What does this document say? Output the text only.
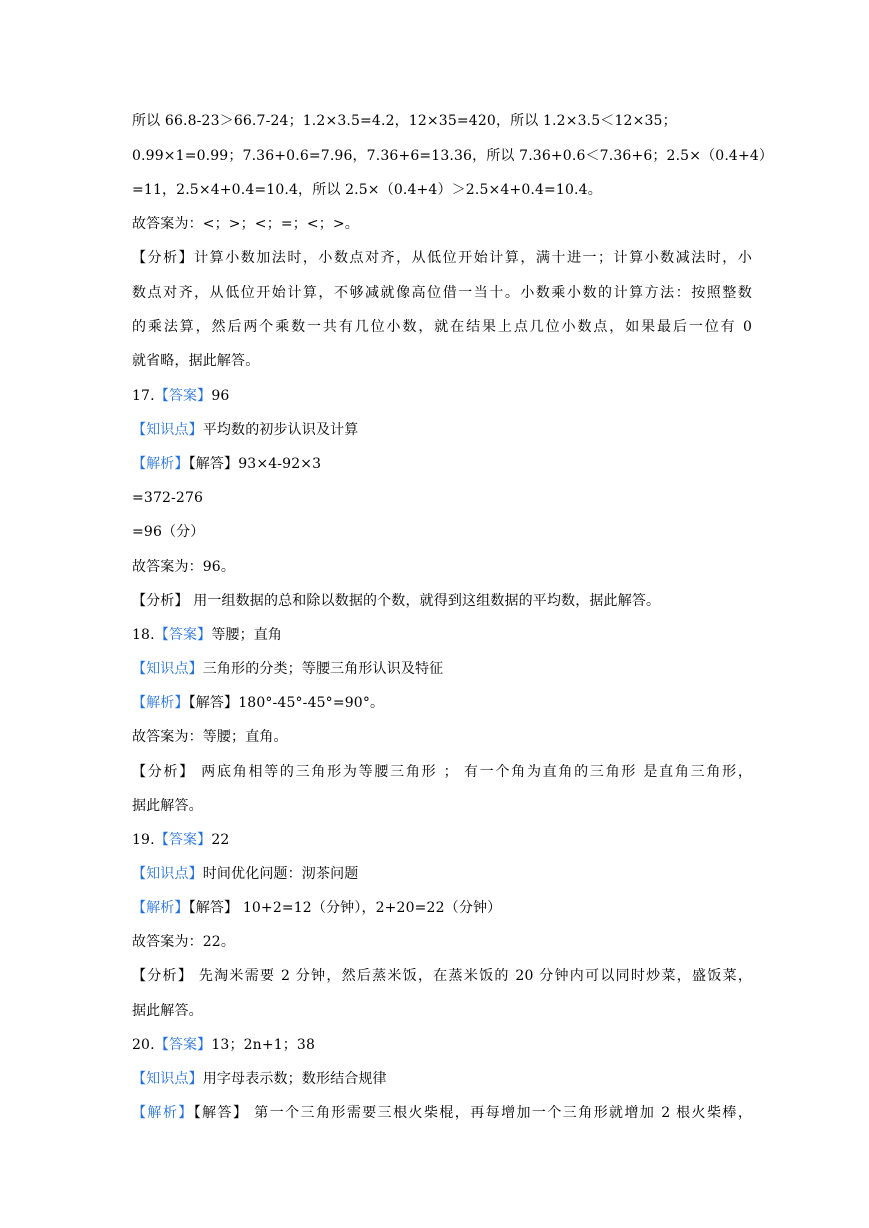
所以 66.8-23＞66.7-24；1.2×3.5=4.2，12×35=420，所以 1.2×3.5＜12×35；
0.99×1=0.99；7.36+0.6=7.96，7.36+6=13.36，所以 7.36+0.6＜7.36+6；2.5×（0.4+4）
=11，2.5×4+0.4=10.4，所以 2.5×（0.4+4）＞2.5×4+0.4=10.4。
故答案为：<；>；<；=；<；>。
【分析】计算小数加法时，小数点对齐，从低位开始计算，满十进一；计算小数减法时，小
数点对齐，从低位开始计算，不够减就像高位借一当十。小数乘小数的计算方法：按照整数
的乘法算，然后两个乘数一共有几位小数，就在结果上点几位小数点，如果最后一位有 0
就省略，据此解答。
17.【答案】96
【知识点】平均数的初步认识及计算
【解析】【解答】93×4-92×3
=372-276
=96（分）
故答案为：96。
【分析】 用一组数据的总和除以数据的个数，就得到这组数据的平均数，据此解答。
18.【答案】等腰；直角
【知识点】三角形的分类；等腰三角形认识及特征
【解析】【解答】180°-45°-45°=90°。
故答案为：等腰；直角。
【分析】 两底角相等的三角形为等腰三角形 ； 有一个角为直角的三角形 是直角三角形，
据此解答。
19.【答案】22
【知识点】时间优化问题：沏茶问题
【解析】【解答】 10+2=12（分钟），2+20=22（分钟）
故答案为：22。
【分析】 先淘米需要 2 分钟，然后蒸米饭，在蒸米饭的 20 分钟内可以同时炒菜，盛饭菜，
据此解答。
20.【答案】13；2n+1；38
【知识点】用字母表示数；数形结合规律
【解析】【解答】 第一个三角形需要三根火柴棍，再每增加一个三角形就增加 2 根火柴棒，
